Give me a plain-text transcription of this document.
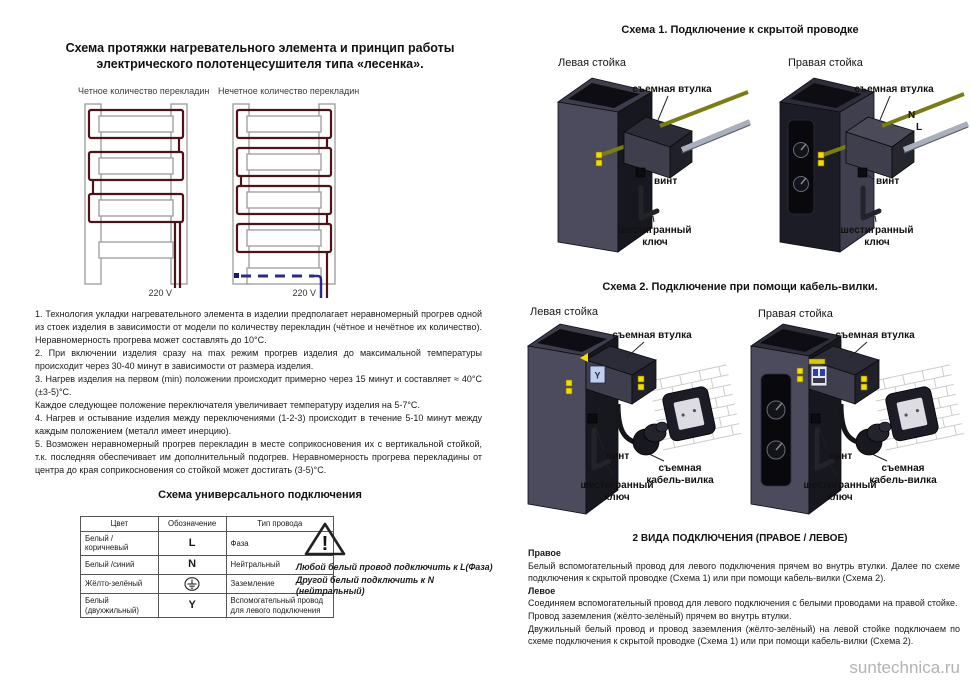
Схема протяжки нагревательного элемента и принцип работы
электрического полотенцесушителя типа «лесенка».
Четное количество перекладин Нечетное количество перекладин
220 V	220 V

1. Технология укладки нагревательного элемента в изделии предполагает неравномерный прогрев одной из стоек изделия в зависимости от модели по количеству перекладин (чётное и нечётное их количество). Неравномерность прогрева может составлять до 10°С.

2. При включении изделия сразу на max режим прогрев изделия до максимальной температуры происходит через 30-40 минут в зависимости от размера изделия.

3. Нагрев изделия на первом (min) положении происходит примерно через 15 минут и составляет ≈ 40°С (±3-5)°С.

Каждое следующее положение переключателя увеличивает температуру изделия на 5-7°С.

4. Нагрев и остывание изделия между переключениями (1-2-3) происходит в течение 5-10 минут между каждым положением (металл имеет инерцию).

5. Возможен неравномерный прогрев перекладин в месте соприкосновения их с вертикальной стойкой, т.к. последняя обеспечивает им дополнительный подогрев. Неравномерность прогрева перекладины от центра до края соприкосновения со стойкой может достигать (3-5)°С.

Схема универсального подключения
Цвет	Обозначение	Тип провода
Белый /коричневый	L	Фаза
Белый /синий	N	Нейтральный
Жёлто-зелёный		Заземление
Белый (двухжильный)	Y	Вспомогательный провод для левого подключения
!
Любой белый провод подключить к L(Фаза)
Другой белый подключить к N (нейтральный)
Схема 1. Подключение к скрытой проводке
Левая стойка	Правая стойка
съемная втулка
винт
шестигранный
ключ
N
L
съемная втулка
винт
шестигранный
ключ
Схема 2. Подключение при помощи кабель-вилки.
Левая стойка	Правая стойка
Y
съемная втулка
винт
шестигранный
ключ
съемная
кабель-вилка
съемная втулка
винт
шестигранный
ключ
съемная
кабель-вилка
2 ВИДА ПОДКЛЮЧЕНИЯ (ПРАВОЕ / ЛЕВОЕ)

Правое

Белый вспомогательный провод для левого подключения прячем во внутрь втулки. Далее по схеме подключения к скрытой проводке (Схема 1) или при помощи кабель-вилки (Схема 2).

Левое

Соединяем вспомогательный провод для левого подключения с белыми проводами на правой стойке.

Провод заземления (жёлто-зелёный) прячем во внутрь втулки.

Двужильный белый провод и провод заземления (жёлто-зелёный) на левой стойке подключаем по схеме подключения к скрытой проводке (Схема 1) или при помощи кабель-вилки (Схема 2).

suntechnica.ru
